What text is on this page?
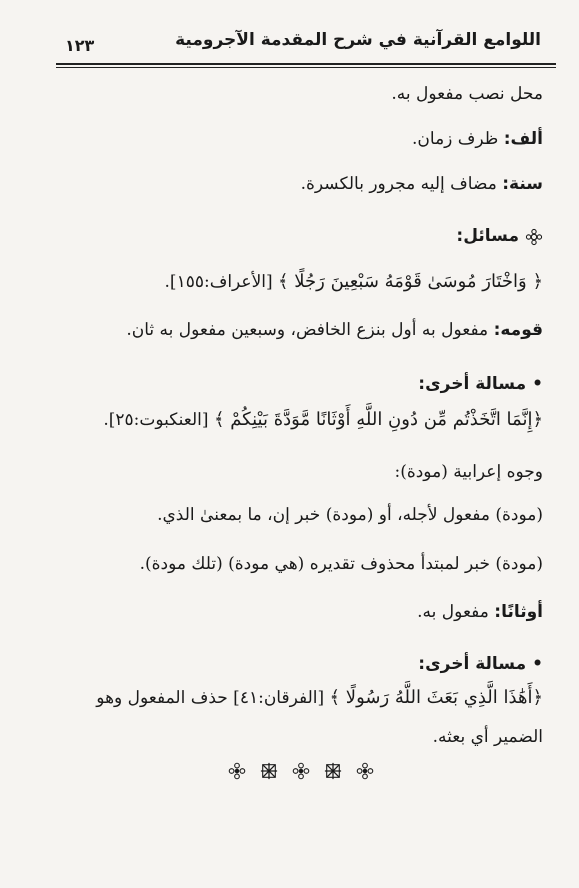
اللوامع القرآنية في شرح المقدمة الآجرومية
١٢٣
محل نصب مفعول به.
ألف: ظرف زمان.
سنة: مضاف إليه مجرور بالكسرة.
مسائل:
﴿ وَاخْتَارَ مُوسَىٰ قَوْمَهُ سَبْعِينَ رَجُلًا ﴾ [الأعراف:١٥٥].
قومه: مفعول به أول بنزع الخافض، وسبعين مفعول به ثان.
•مسالة أخرى:
﴿إِنَّمَا اتَّخَذْتُم مِّن دُونِ اللَّهِ أَوْثَانًا مَّوَدَّةَ بَيْنِكُمْ ﴾ [العنكبوت:٢٥].
وجوه إعرابية (مودة):
(مودة) مفعول لأجله، أو (مودة) خبر إن، ما بمعنىٰ الذي.
(مودة) خبر لمبتدأ محذوف تقديره (هي مودة) (تلك مودة).
أوثانًا: مفعول به.
•مسالة أخرى:
﴿أَهَٰذَا الَّذِي بَعَثَ اللَّهُ رَسُولًا ﴾ [الفرقان:٤١] حذف المفعول وهو
الضمير أي بعثه.
